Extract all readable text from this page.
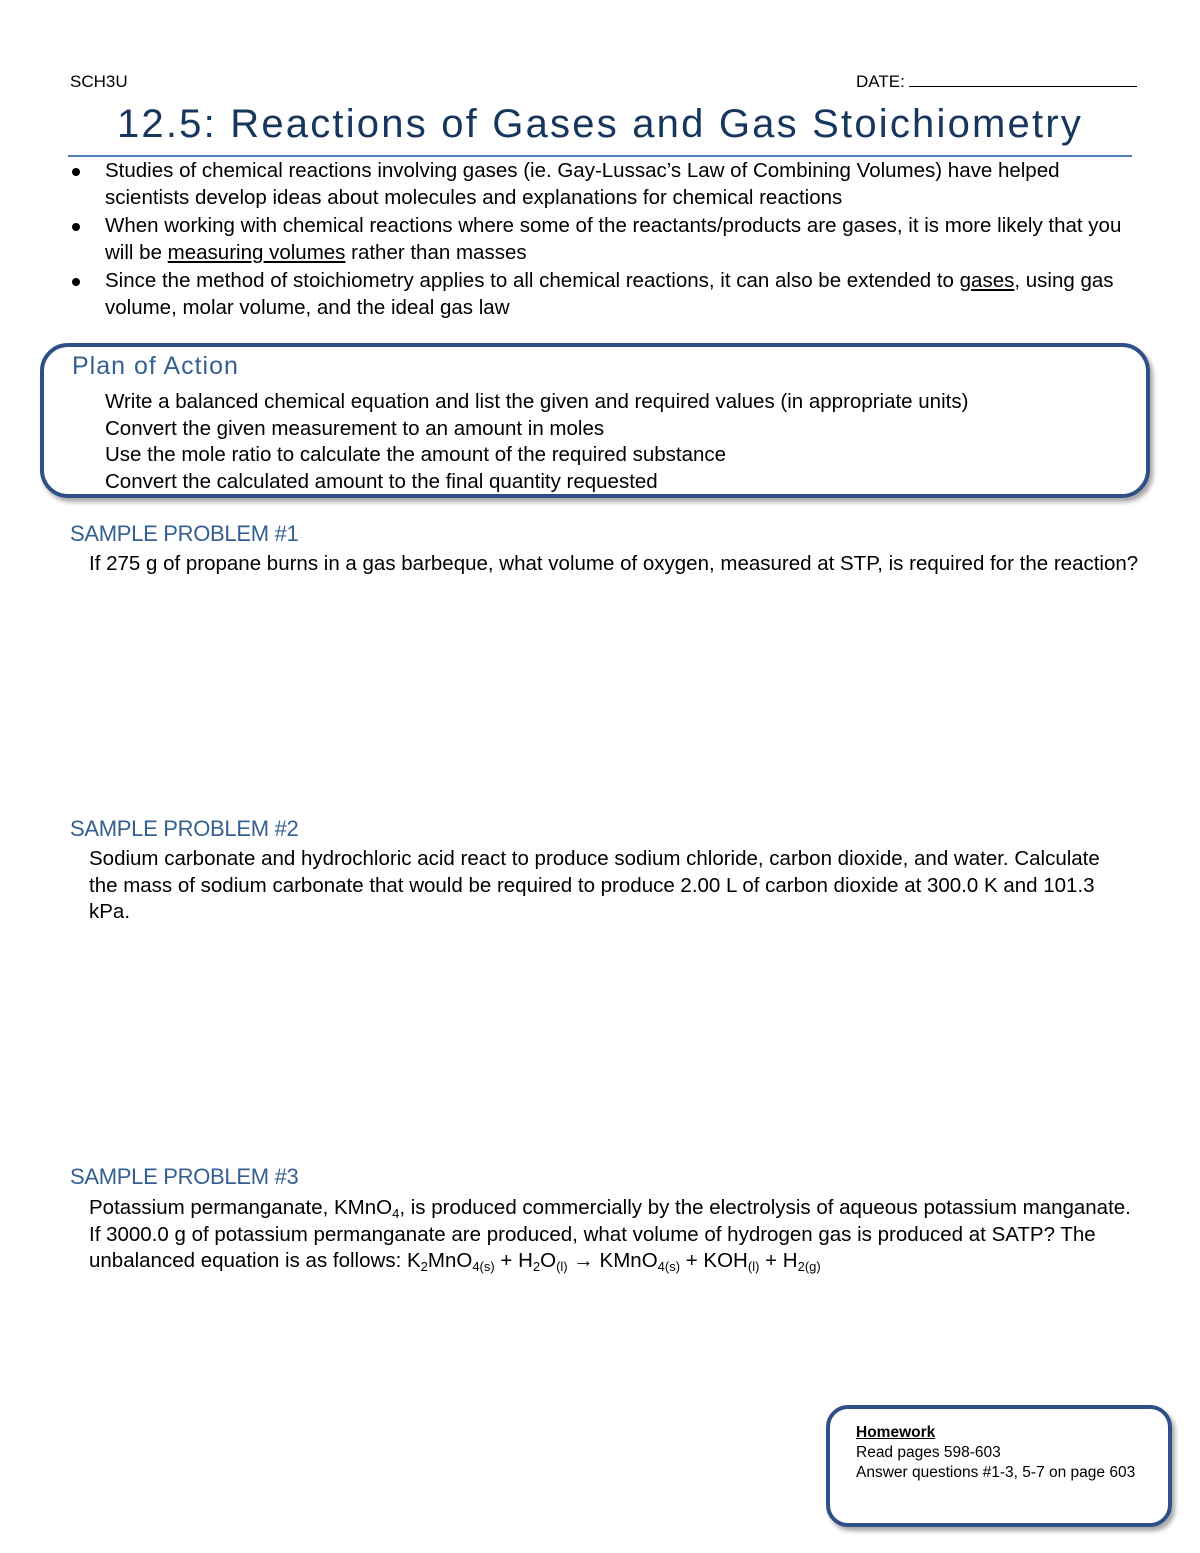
SCH3U	DATE:
12.5: Reactions of Gases and Gas Stoichiometry
Studies of chemical reactions involving gases (ie. Gay-Lussac’s Law of Combining Volumes) have helped scientists develop ideas about molecules and explanations for chemical reactions
When working with chemical reactions where some of the reactants/products are gases, it is more likely that you will be measuring volumes rather than masses
Since the method of stoichiometry applies to all chemical reactions, it can also be extended to gases, using gas volume, molar volume, and the ideal gas law
Plan of Action
Write a balanced chemical equation and list the given and required values (in appropriate units)
Convert the given measurement to an amount in moles
Use the mole ratio to calculate the amount of the required substance
Convert the calculated amount to the final quantity requested
SAMPLE PROBLEM #1
If 275 g of propane burns in a gas barbeque, what volume of oxygen, measured at STP, is required for the reaction?
SAMPLE PROBLEM #2
Sodium carbonate and hydrochloric acid react to produce sodium chloride, carbon dioxide, and water. Calculate the mass of sodium carbonate that would be required to produce 2.00 L of carbon dioxide at 300.0 K and 101.3 kPa.
SAMPLE PROBLEM #3
Potassium permanganate, KMnO$_4$, is produced commercially by the electrolysis of aqueous potassium manganate. If 3000.0 g of potassium permanganate are produced, what volume of hydrogen gas is produced at SATP? The unbalanced equation is as follows: $K_2MnO_{4(s)} + H_2O_{(l)}$ → KMnO$_{4(s)}$ + $KOH_{(l)} + H_{2(g)}$
Homework
Read pages 598-603
Answer questions #1-3, 5-7 on page 603
